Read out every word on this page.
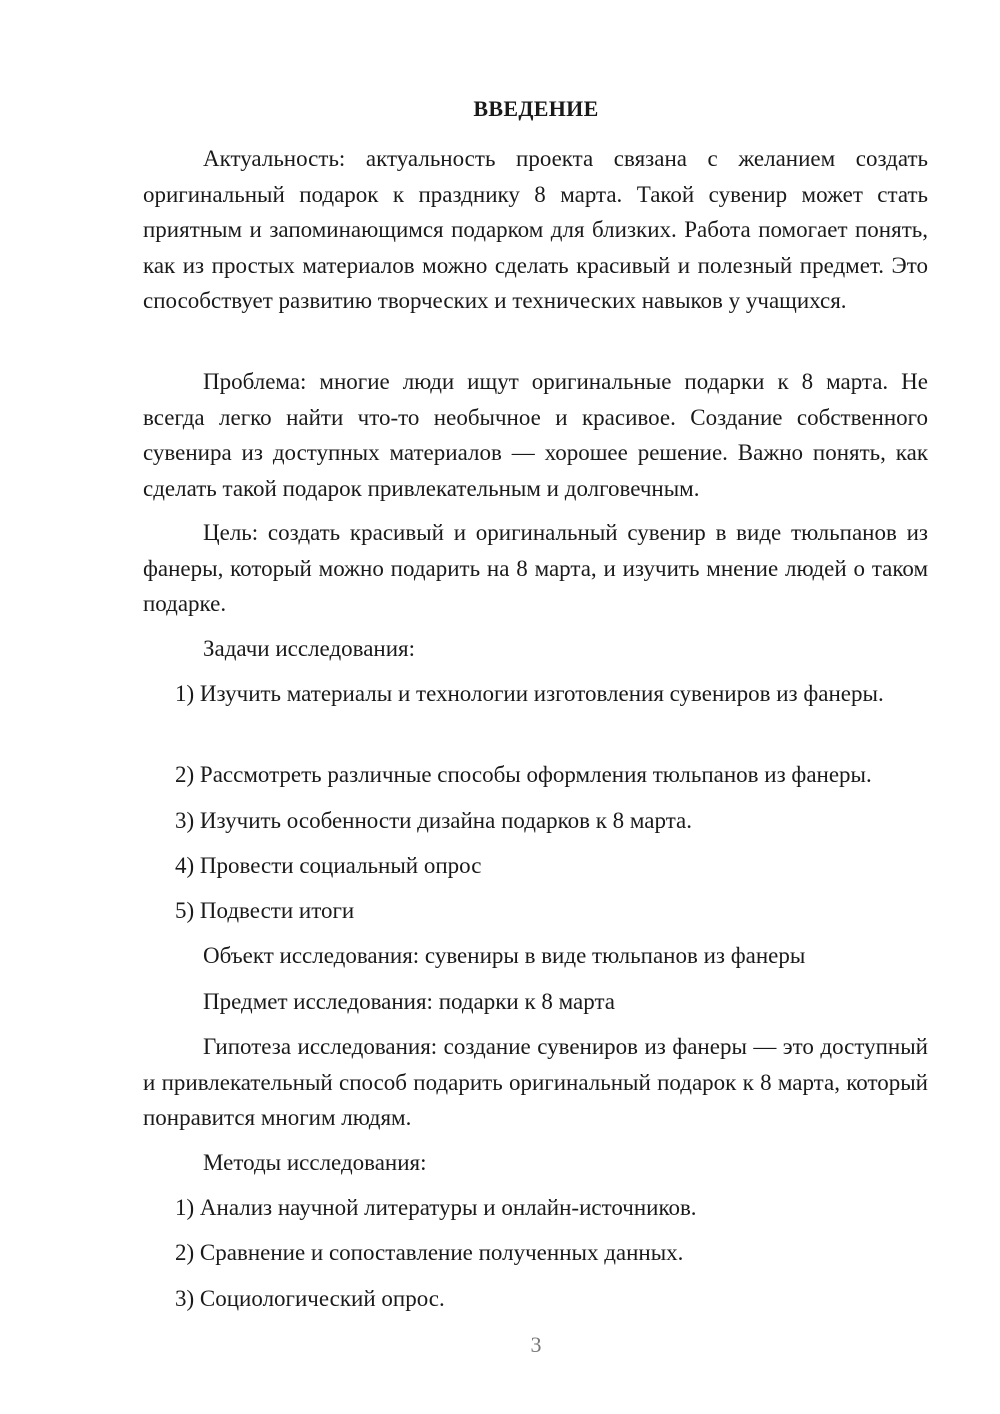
ВВЕДЕНИЕ

Актуальность: актуальность проекта связана с желанием создать оригинальный подарок к празднику 8 марта. Такой сувенир может стать приятным и запоминающимся подарком для близких. Работа помогает понять, как из простых материалов можно сделать красивый и полезный предмет. Это способствует развитию творческих и технических навыков у учащихся.

Проблема: многие люди ищут оригинальные подарки к 8 марта. Не всегда легко найти что-то необычное и красивое. Создание собственного сувенира из доступных материалов — хорошее решение. Важно понять, как сделать такой подарок привлекательным и долговечным.

Цель: создать красивый и оригинальный сувенир в виде тюльпанов из фанеры, который можно подарить на 8 марта, и изучить мнение людей о таком подарке.

Задачи исследования:

1) Изучить материалы и технологии изготовления сувениров из фанеры.

2) Рассмотреть различные способы оформления тюльпанов из фанеры.

3) Изучить особенности дизайна подарков к 8 марта.

4) Провести социальный опрос

5) Подвести итоги

Объект исследования: сувениры в виде тюльпанов из фанеры

Предмет исследования: подарки к 8 марта

Гипотеза исследования: создание сувениров из фанеры — это доступный и привлекательный способ подарить оригинальный подарок к 8 марта, который понравится многим людям.

Методы исследования:

1) Анализ научной литературы и онлайн-источников.

2) Сравнение и сопоставление полученных данных.

3) Социологический опрос.

3
